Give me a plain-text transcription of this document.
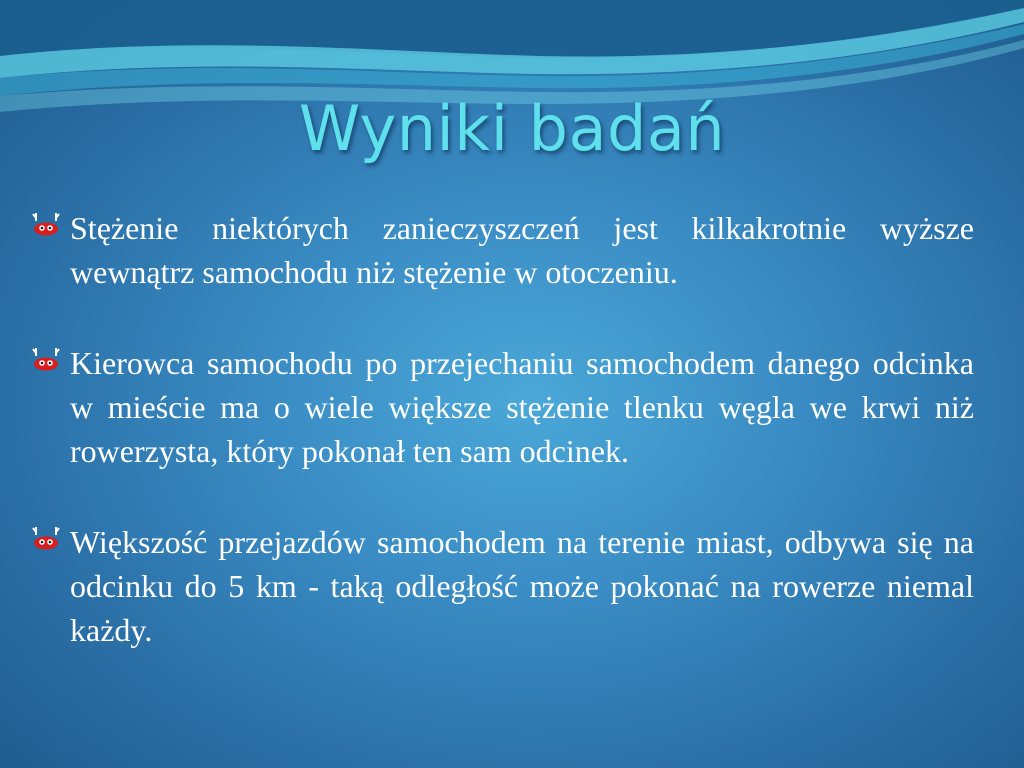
Wyniki badań

Stężenie niektórych zanieczyszczeń jest kilkakrotnie wyższe wewnątrz samochodu niż stężenie w otoczeniu.

Kierowca samochodu po przejechaniu samochodem danego odcinka w mieście ma o wiele większe stężenie tlenku węgla we krwi niż rowerzysta, który pokonał ten sam odcinek.

Większość przejazdów samochodem na terenie miast, odbywa się na odcinku do 5 km - taką odległość może pokonać na rowerze niemal każdy.
